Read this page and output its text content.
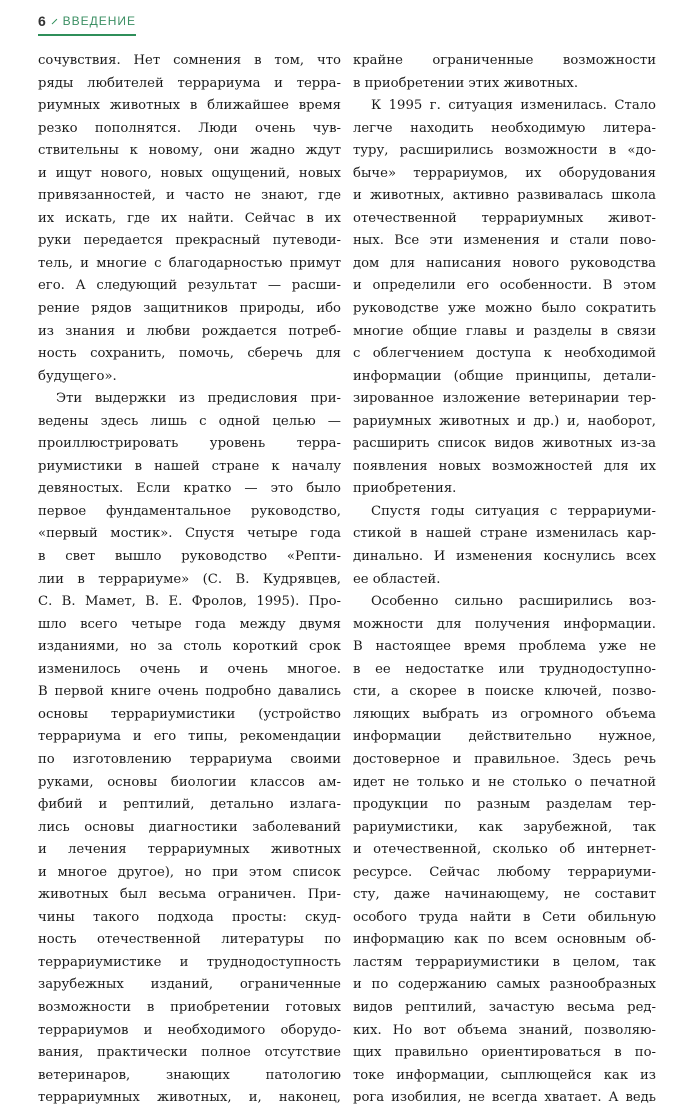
6 ВВЕДЕНИЕ
сочувствия. Нет сомнения в том, что
ряды любителей террариума и терра-
риумных животных в ближайшее время
резко пополнятся. Люди очень чув-
ствительны к новому, они жадно ждут
и ищут нового, новых ощущений, новых
привязанностей, и часто не знают, где
их искать, где их найти. Сейчас в их
руки передается прекрасный путеводи-
тель, и многие с благодарностью примут
его. А следующий результат — расши-
рение рядов защитников природы, ибо
из знания и любви рождается потреб-
ность сохранить, помочь, сберечь для
будущего».
Эти выдержки из предисловия при-
ведены здесь лишь с одной целью —
проиллюстрировать уровень терра-
риумистики в нашей стране к началу
девяностых. Если кратко — это было
первое фундаментальное руководство,
«первый мостик». Спустя четыре года
в свет вышло руководство «Репти-
лии в террариуме» (С. В. Кудрявцев,
С. В. Мамет, В. Е. Фролов, 1995). Про-
шло всего четыре года между двумя
изданиями, но за столь короткий срок
изменилось очень и очень многое.
В первой книге очень подробно давались
основы террариумистики (устройство
террариума и его типы, рекомендации
по изготовлению террариума своими
руками, основы биологии классов ам-
фибий и рептилий, детально излага-
лись основы диагностики заболеваний
и лечения террариумных животных
и многое другое), но при этом список
животных был весьма ограничен. При-
чины такого подхода просты: скуд-
ность отечественной литературы по
террариумистике и труднодоступность
зарубежных изданий, ограниченные
возможности в приобретении готовых
террариумов и необходимого оборудо-
вания, практически полное отсутствие
ветеринаров, знающих патологию
террариумных животных, и, наконец,
крайне ограниченные возможности
в приобретении этих животных.
К 1995 г. ситуация изменилась. Стало
легче находить необходимую литера-
туру, расширились возможности в «до-
быче» террариумов, их оборудования
и животных, активно развивалась школа
отечественной террариумных живот-
ных. Все эти изменения и стали пово-
дом для написания нового руководства
и определили его особенности. В этом
руководстве уже можно было сократить
многие общие главы и разделы в связи
с облегчением доступа к необходимой
информации (общие принципы, детали-
зированное изложение ветеринарии тер-
рариумных животных и др.) и, наоборот,
расширить список видов животных из-за
появления новых возможностей для их
приобретения.
Спустя годы ситуация с террариуми-
стикой в нашей стране изменилась кар-
динально. И изменения коснулись всех
ее областей.
Особенно сильно расширились воз-
можности для получения информации.
В настоящее время проблема уже не
в ее недостатке или труднодоступно-
сти, а скорее в поиске ключей, позво-
ляющих выбрать из огромного объема
информации действительно нужное,
достоверное и правильное. Здесь речь
идет не только и не столько о печатной
продукции по разным разделам тер-
рариумистики, как зарубежной, так
и отечественной, сколько об интернет-
ресурсе. Сейчас любому террариуми-
сту, даже начинающему, не составит
особого труда найти в Сети обильную
информацию как по всем основным об-
ластям террариумистики в целом, так
и по содержанию самых разнообразных
видов рептилий, зачастую весьма ред-
ких. Но вот объема знаний, позволяю-
щих правильно ориентироваться в по-
токе информации, сыплющейся как из
рога изобилия, не всегда хватает. А ведь
